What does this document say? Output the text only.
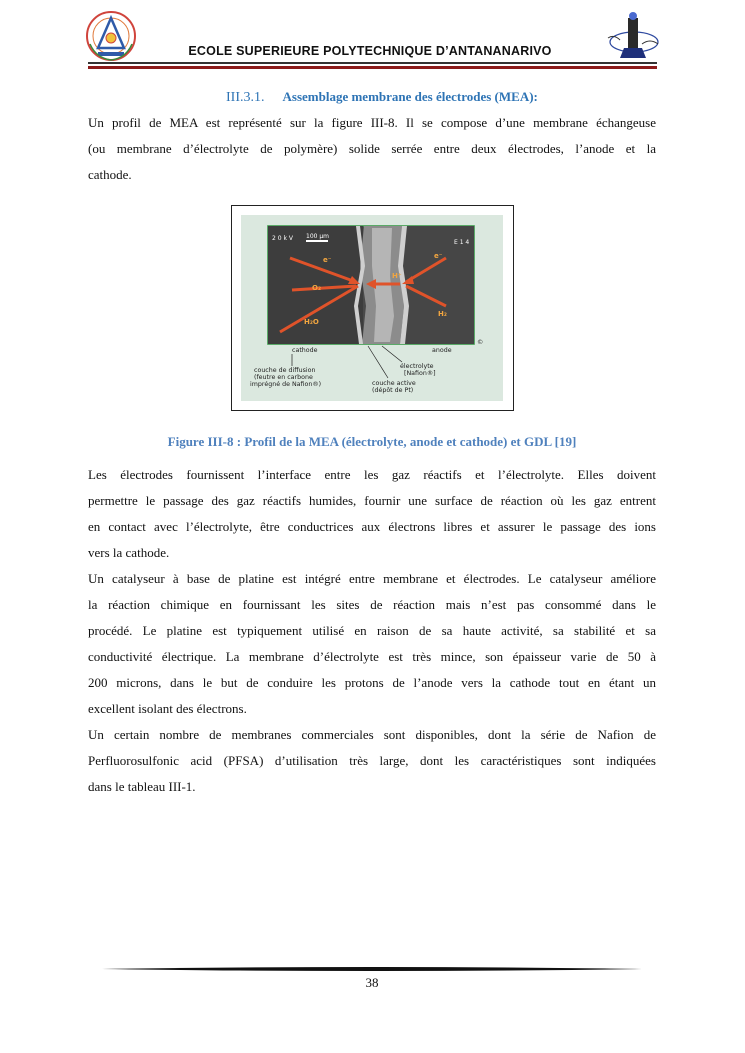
ECOLE SUPERIEURE POLYTECHNIQUE D’ANTANANARIVO
III.3.1. Assemblage membrane des électrodes (MEA):
Un profil de MEA est représenté sur la figure III-8. Il se compose d’une membrane échangeuse
(ou membrane d’électrolyte de polymère) solide serrée entre deux électrodes, l’anode et la
cathode.
100 µm
2 0 k V
E 1 4
e⁻	e⁻
H⁺
O₂
H₂O
H₂
©
cathode	anode
couche de diffusion
(feutre en carbone
imprégné de Nafion®)
électrolyte
[Nafion®]
couche active
(dépôt de Pt)
Figure III-8 : Profil de la MEA (électrolyte, anode et cathode) et GDL [19]
Les électrodes fournissent l’interface entre les gaz réactifs et l’électrolyte. Elles doivent
permettre le passage des gaz réactifs humides, fournir une surface de réaction où les gaz entrent
en contact avec l’électrolyte, être conductrices aux électrons libres et assurer le passage des ions
vers la cathode.
Un catalyseur à base de platine est intégré entre membrane et électrodes. Le catalyseur améliore
la réaction chimique en fournissant les sites de réaction mais n’est pas consommé dans le
procédé. Le platine est typiquement utilisé en raison de sa haute activité, sa stabilité et sa
conductivité électrique. La membrane d’électrolyte est très mince, son épaisseur varie de 50 à
200 microns, dans le but de conduire les protons de l’anode vers la cathode tout en étant un
excellent isolant des électrons.
Un certain nombre de membranes commerciales sont disponibles, dont la série de Nafion de
Perfluorosulfonic acid (PFSA) d’utilisation très large, dont les caractéristiques sont indiquées
dans le tableau III-1.
38
